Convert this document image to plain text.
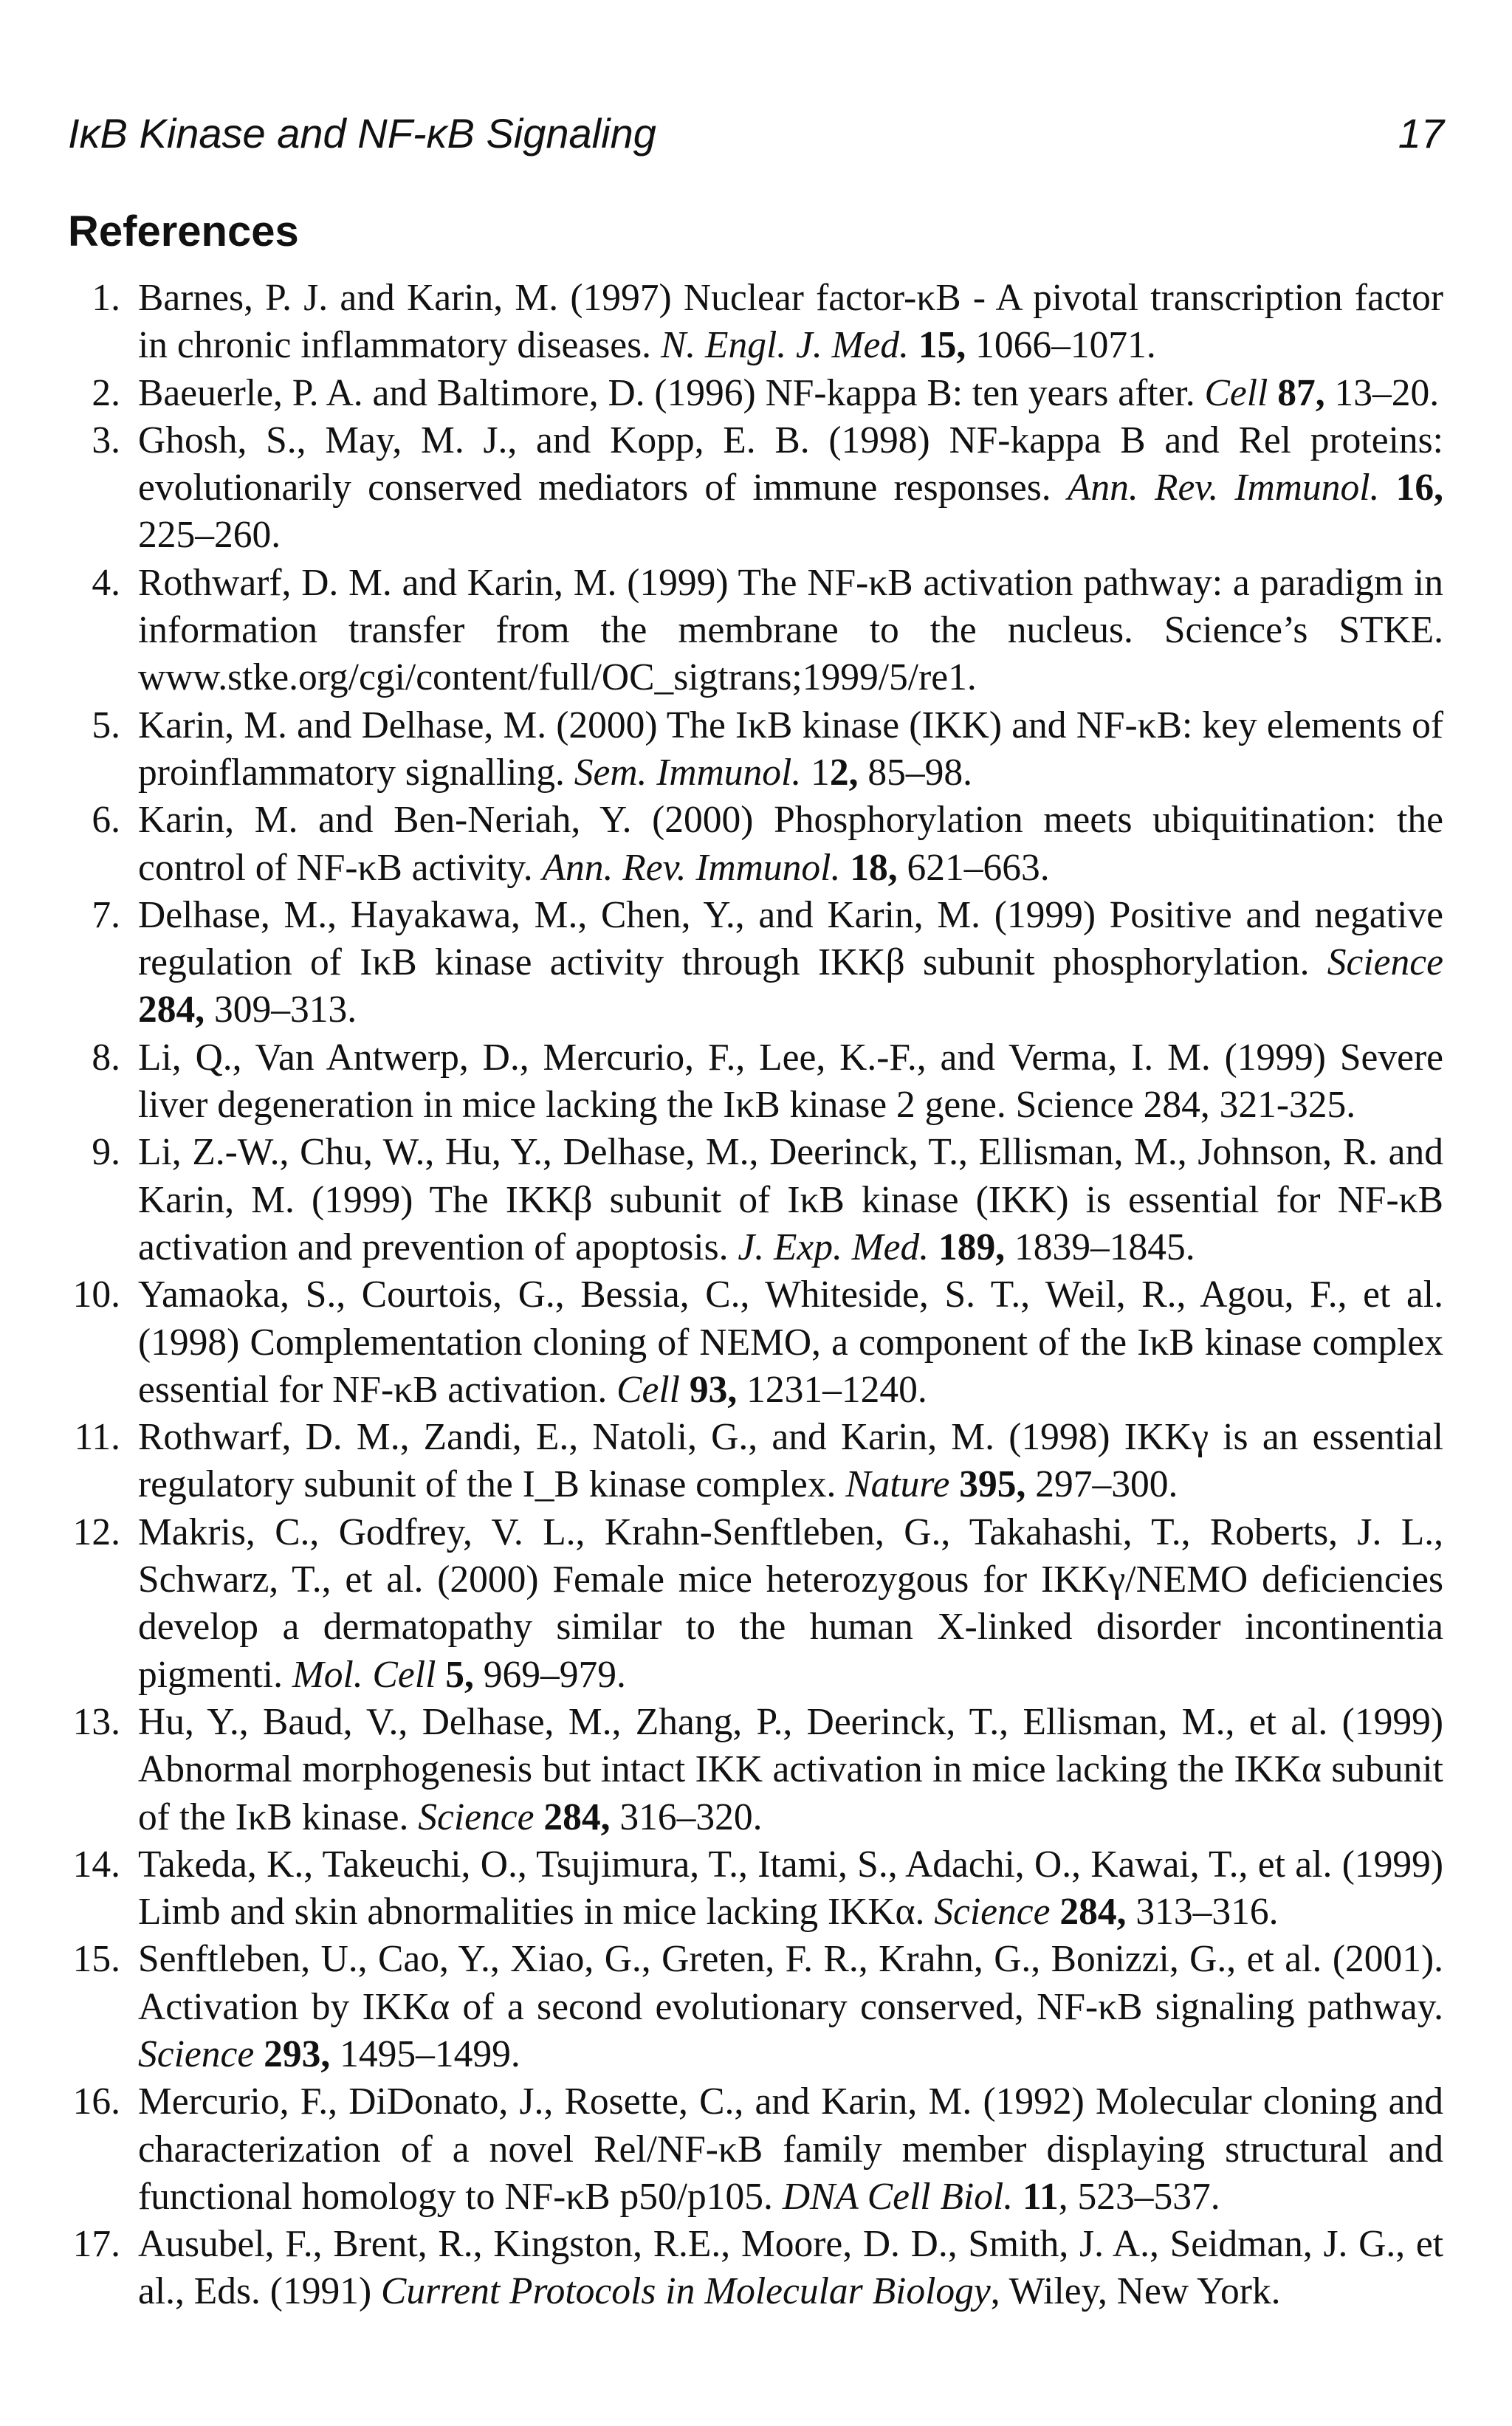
IκB Kinase and NF-κB Signaling	17
References
1. Barnes, P. J. and Karin, M. (1997) Nuclear factor-κB - A pivotal transcription factor in chronic inflammatory diseases. N. Engl. J. Med. 15, 1066–1071.
2. Baeuerle, P. A. and Baltimore, D. (1996) NF-kappa B: ten years after. Cell 87, 13–20.
3. Ghosh, S., May, M. J., and Kopp, E. B. (1998) NF-kappa B and Rel proteins: evolutionarily conserved mediators of immune responses. Ann. Rev. Immunol. 16, 225–260.
4. Rothwarf, D. M. and Karin, M. (1999) The NF-κB activation pathway: a paradigm in information transfer from the membrane to the nucleus. Science’s STKE. www.stke.org/cgi/content/full/OC_sigtrans;1999/5/re1.
5. Karin, M. and Delhase, M. (2000) The IκB kinase (IKK) and NF-κB: key elements of proinflammatory signalling. Sem. Immunol. 12, 85–98.
6. Karin, M. and Ben-Neriah, Y. (2000) Phosphorylation meets ubiquitination: the control of NF-κB activity. Ann. Rev. Immunol. 18, 621–663.
7. Delhase, M., Hayakawa, M., Chen, Y., and Karin, M. (1999) Positive and negative regulation of IκB kinase activity through IKKβ subunit phosphorylation. Science 284, 309–313.
8. Li, Q., Van Antwerp, D., Mercurio, F., Lee, K.-F., and Verma, I. M. (1999) Severe liver degeneration in mice lacking the IκB kinase 2 gene. Science 284, 321-325.
9. Li, Z.-W., Chu, W., Hu, Y., Delhase, M., Deerinck, T., Ellisman, M., Johnson, R. and Karin, M. (1999) The IKKβ subunit of IκB kinase (IKK) is essential for NF-κB activation and prevention of apoptosis. J. Exp. Med. 189, 1839–1845.
10. Yamaoka, S., Courtois, G., Bessia, C., Whiteside, S. T., Weil, R., Agou, F., et al. (1998) Complementation cloning of NEMO, a component of the IκB kinase complex essential for NF-κB activation. Cell 93, 1231–1240.
11. Rothwarf, D. M., Zandi, E., Natoli, G., and Karin, M. (1998) IKKγ is an essential regulatory subunit of the I_B kinase complex. Nature 395, 297–300.
12. Makris, C., Godfrey, V. L., Krahn-Senftleben, G., Takahashi, T., Roberts, J. L., Schwarz, T., et al. (2000) Female mice heterozygous for IKKγ/NEMO deficiencies develop a dermatopathy similar to the human X-linked disorder incontinentia pigmenti. Mol. Cell 5, 969–979.
13. Hu, Y., Baud, V., Delhase, M., Zhang, P., Deerinck, T., Ellisman, M., et al. (1999) Abnormal morphogenesis but intact IKK activation in mice lacking the IKKα subunit of the IκB kinase. Science 284, 316–320.
14. Takeda, K., Takeuchi, O., Tsujimura, T., Itami, S., Adachi, O., Kawai, T., et al. (1999) Limb and skin abnormalities in mice lacking IKKα. Science 284, 313–316.
15. Senftleben, U., Cao, Y., Xiao, G., Greten, F. R., Krahn, G., Bonizzi, G., et al. (2001). Activation by IKKα of a second evolutionary conserved, NF-κB signaling pathway. Science 293, 1495–1499.
16. Mercurio, F., DiDonato, J., Rosette, C., and Karin, M. (1992) Molecular cloning and characterization of a novel Rel/NF-κB family member displaying structural and functional homology to NF-κB p50/p105. DNA Cell Biol. 11, 523–537.
17. Ausubel, F., Brent, R., Kingston, R.E., Moore, D. D., Smith, J. A., Seidman, J. G., et al., Eds. (1991) Current Protocols in Molecular Biology, Wiley, New York.
